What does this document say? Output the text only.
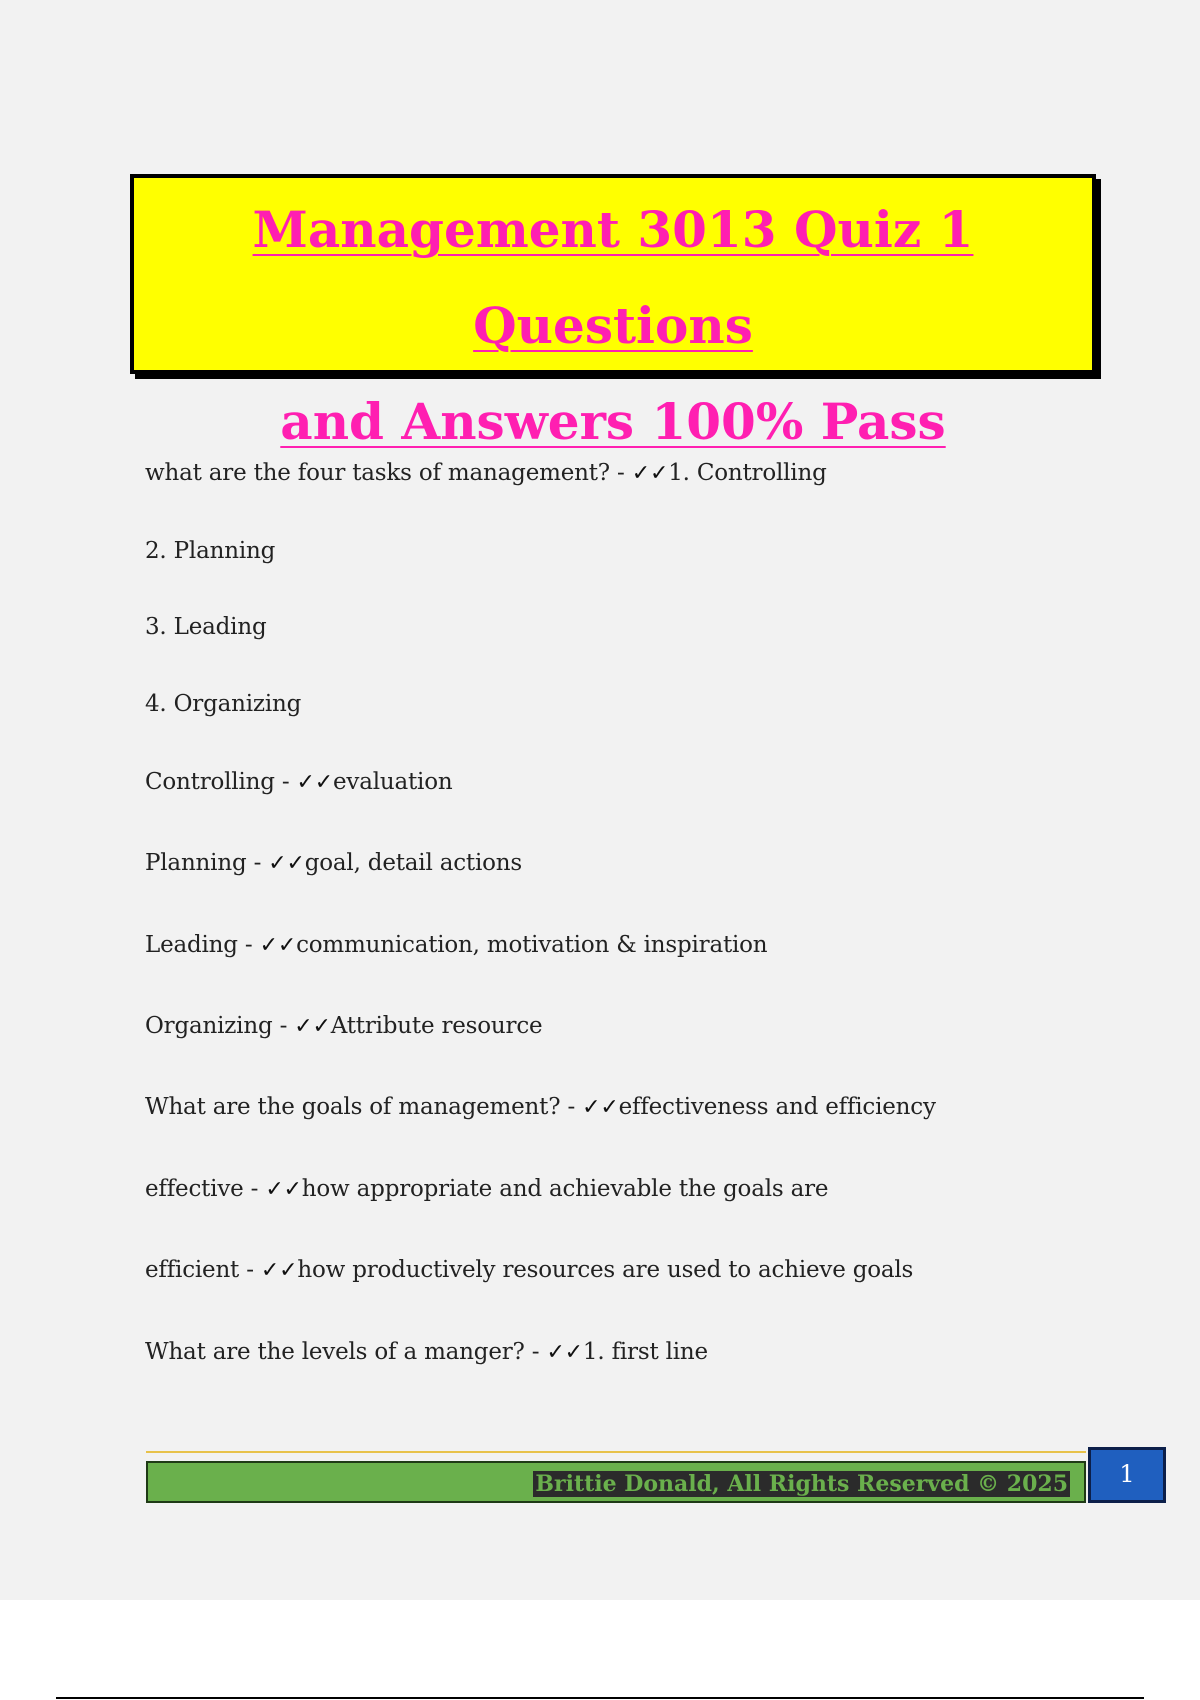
Management 3013 Quiz 1 Questions
and Answers 100% Pass
what are the four tasks of management? - ✓✓1. Controlling
2. Planning
3. Leading
4. Organizing
Controlling - ✓✓evaluation
Planning - ✓✓goal, detail actions
Leading - ✓✓communication, motivation & inspiration
Organizing - ✓✓Attribute resource
What are the goals of management? - ✓✓effectiveness and efficiency
effective - ✓✓how appropriate and achievable the goals are
efficient - ✓✓how productively resources are used to achieve goals
What are the levels of a manger? - ✓✓1. first line
Brittie Donald, All Rights Reserved © 2025	1
